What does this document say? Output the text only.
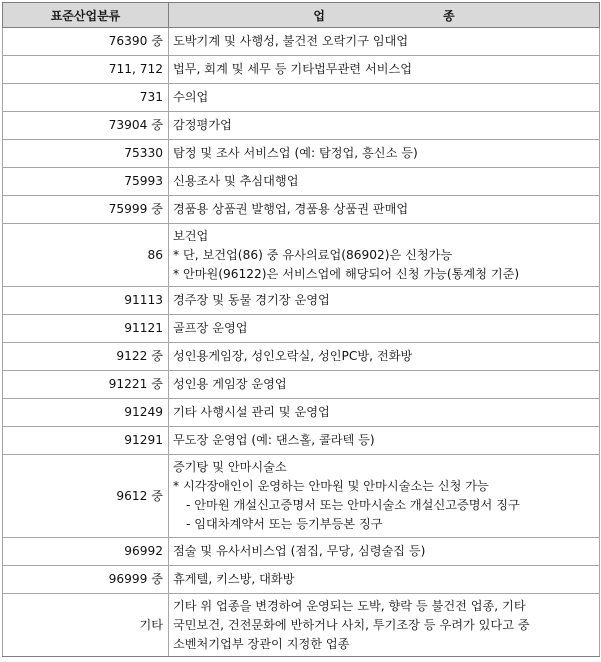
표준산업분류	업 종
76390 중	도박기계 및 사행성, 불건전 오락기구 임대업

711, 712	법무, 회계 및 세무 등 기타법무관련 서비스업

731	수의업

73904 중	감정평가업

75330	탐정 및 조사 서비스업 (예: 탐정업, 흥신소 등)

75993	신용조사 및 추심대행업

75999 중	경품용 상품권 발행업, 경품용 상품권 판매업

86	보건업
* 단, 보건업(86) 중 유사의료업(86902)은 신청가능
* 안마원(96122)은 서비스업에 해당되어 신청 가능(통계청 기준)

91113	경주장 및 동물 경기장 운영업

91121	골프장 운영업

9122 중	성인용게임장, 성인오락실, 성인PC방, 전화방

91221 중	성인용 게임장 운영업

91249	기타 사행시설 관리 및 운영업

91291	무도장 운영업 (예: 댄스홀, 콜라텍 등)

9612 중	증기탕 및 안마시술소
* 시각장애인이 운영하는 안마원 및 안마시술소는 신청 가능
- 안마원 개설신고증명서 또는 안마시술소 개설신고증명서 징구
- 임대차계약서 또는 등기부등본 징구

96992	점술 및 유사서비스업 (점집, 무당, 심령술집 등)

96999 중	휴게텔, 키스방, 대화방

기타	기타 위 업종을 변경하여 운영되는 도박, 향락 등 불건전 업종, 기타
국민보건, 건전문화에 반하거나 사치, 투기조장 등 우려가 있다고 중
소벤처기업부 장관이 지정한 업종
